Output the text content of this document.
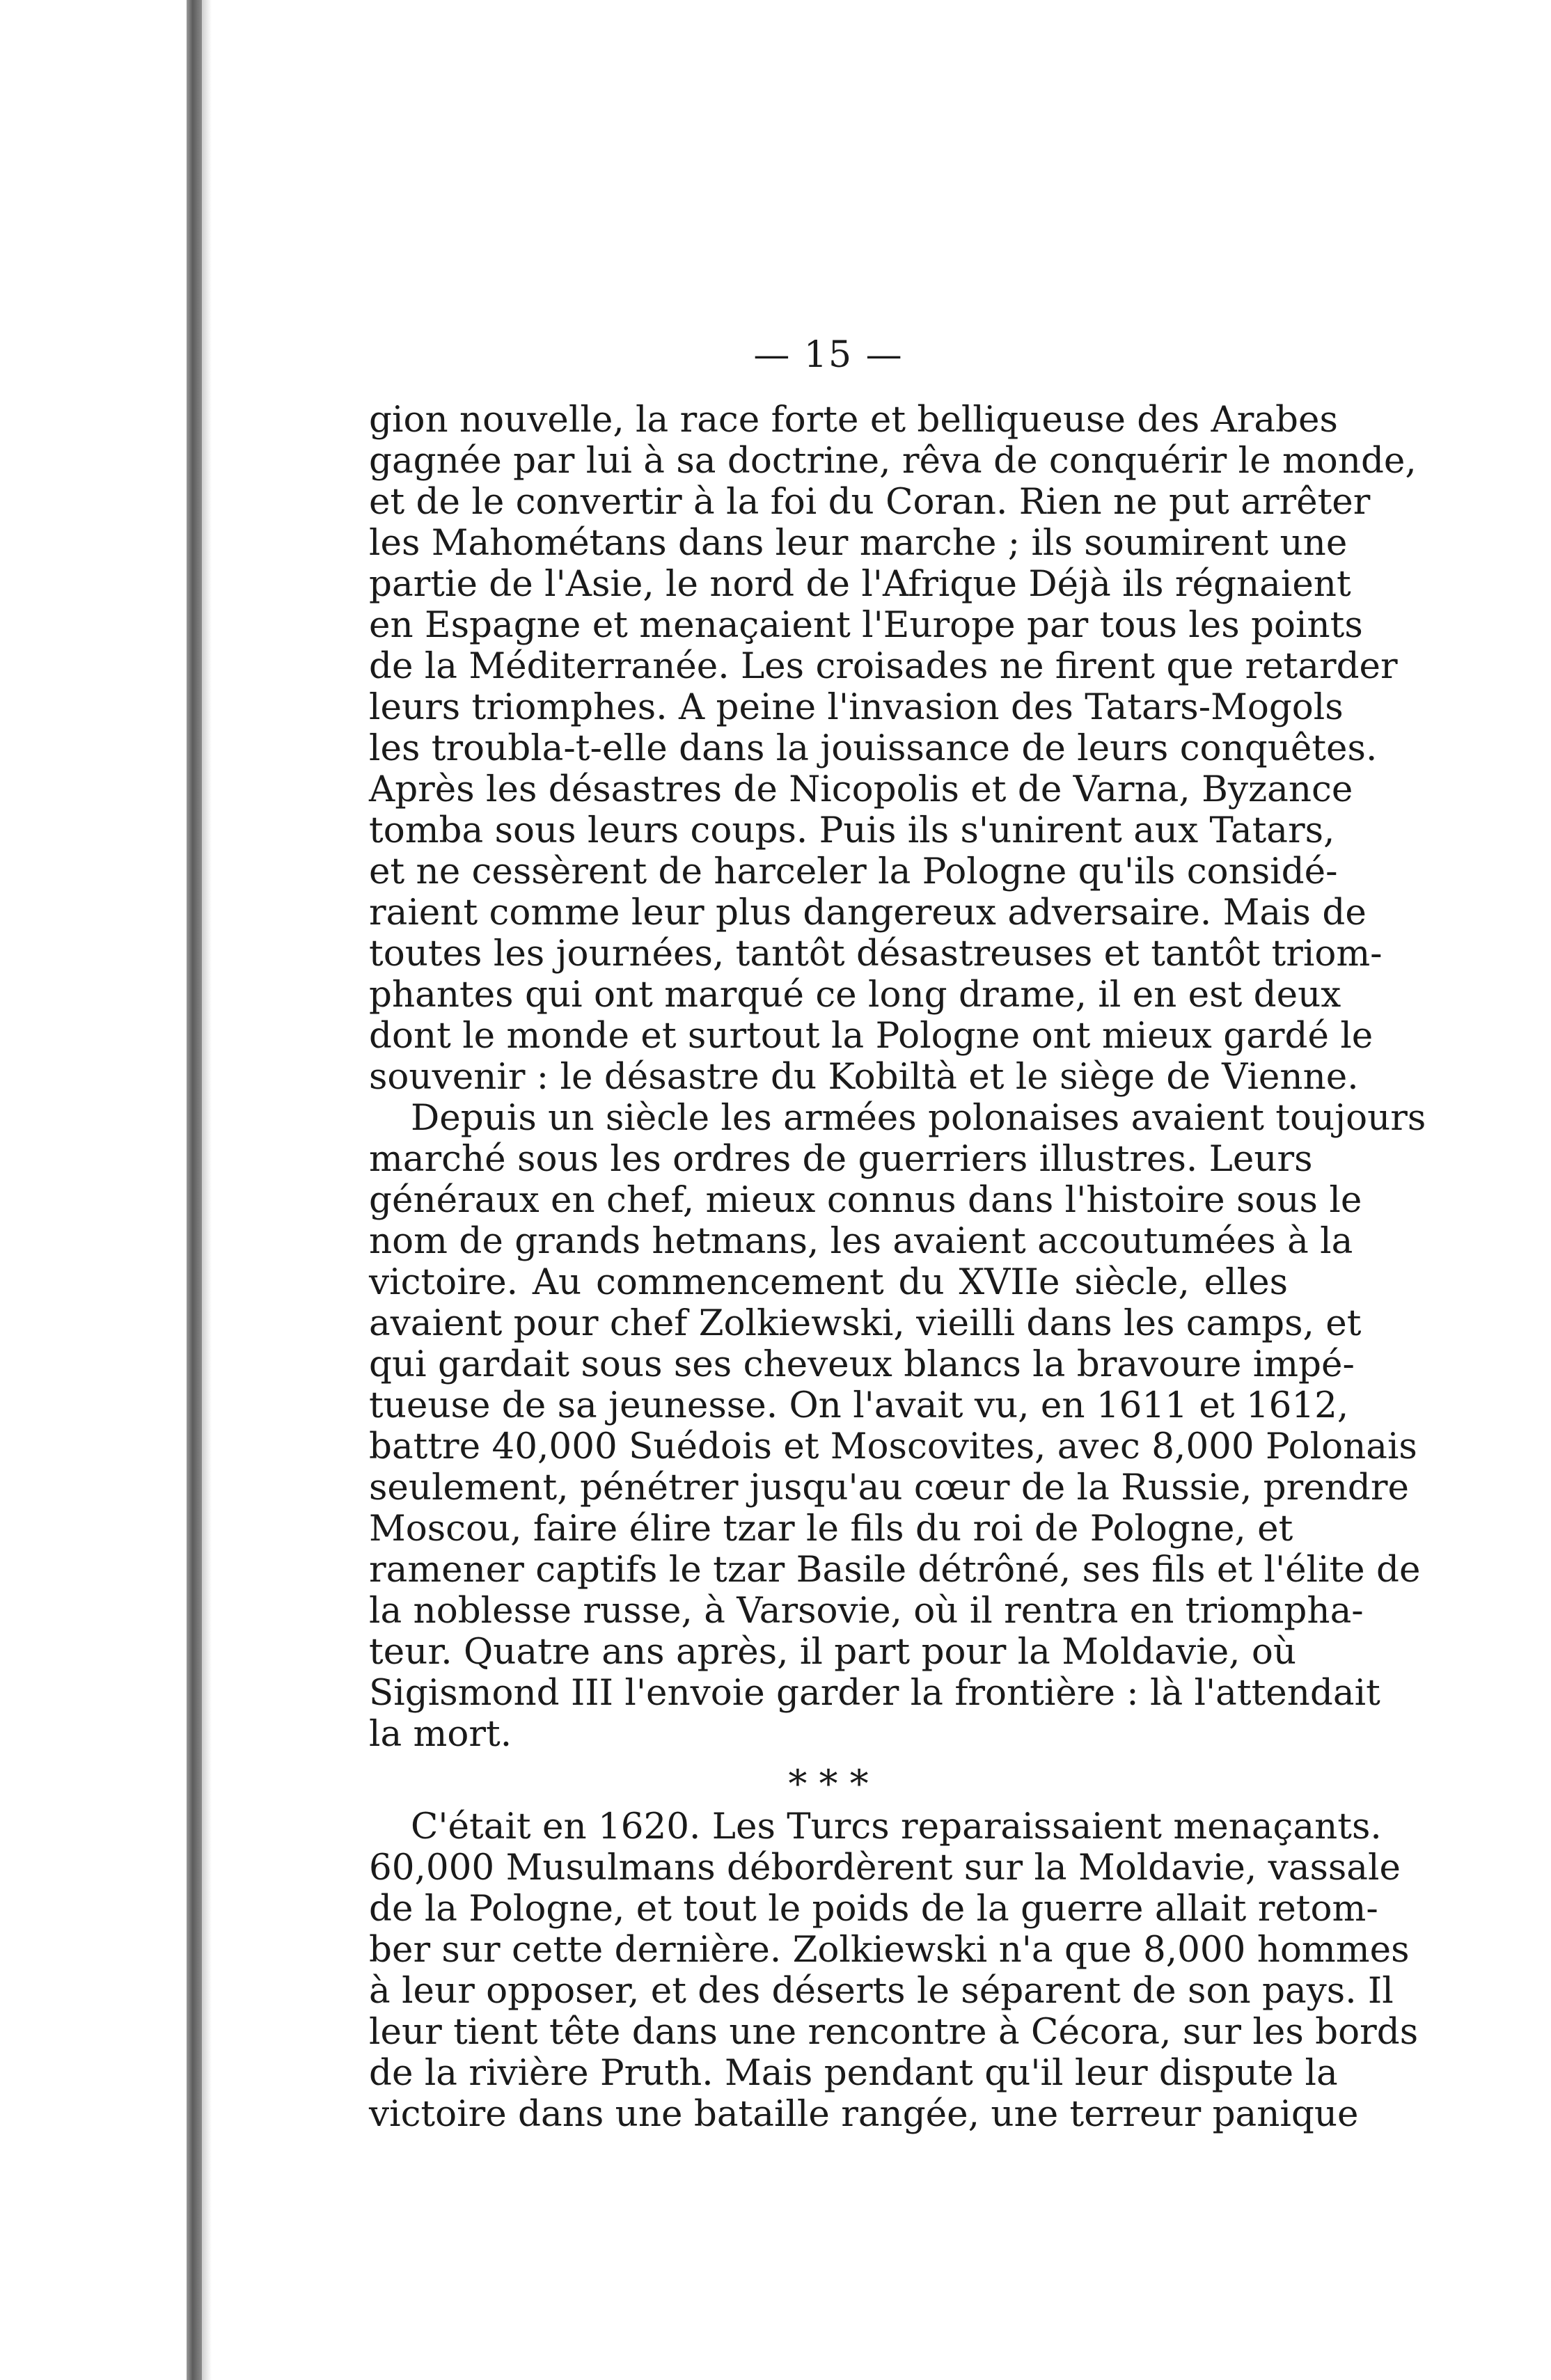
— 15 —
gion nouvelle, la race forte et belliqueuse des Arabes
gagnée par lui à sa doctrine, rêva de conquérir le monde,
et de le convertir à la foi du Coran. Rien ne put arrêter
les Mahométans dans leur marche ; ils soumirent une
partie de l'Asie, le nord de l'Afrique Déjà ils régnaient
en Espagne et menaçaient l'Europe par tous les points
de la Méditerranée. Les croisades ne firent que retarder
leurs triomphes. A peine l'invasion des Tatars-Mogols
les troubla-t-elle dans la jouissance de leurs conquêtes.
Après les désastres de Nicopolis et de Varna, Byzance
tomba sous leurs coups. Puis ils s'unirent aux Tatars,
et ne cessèrent de harceler la Pologne qu'ils considé-
raient comme leur plus dangereux adversaire. Mais de
toutes les journées, tantôt désastreuses et tantôt triom-
phantes qui ont marqué ce long drame, il en est deux
dont le monde et surtout la Pologne ont mieux gardé le
souvenir : le désastre du Kobiltà et le siège de Vienne.
Depuis un siècle les armées polonaises avaient toujours
marché sous les ordres de guerriers illustres. Leurs
généraux en chef, mieux connus dans l'histoire sous le
nom de grands hetmans, les avaient accoutumées à la
victoire. Au commencement du XVIIe siècle, elles
avaient pour chef Zolkiewski, vieilli dans les camps, et
qui gardait sous ses cheveux blancs la bravoure impé-
tueuse de sa jeunesse. On l'avait vu, en 1611 et 1612,
battre 40,000 Suédois et Moscovites, avec 8,000 Polonais
seulement, pénétrer jusqu'au cœur de la Russie, prendre
Moscou, faire élire tzar le fils du roi de Pologne, et
ramener captifs le tzar Basile détrôné, ses fils et l'élite de
la noblesse russe, à Varsovie, où il rentra en triompha-
teur. Quatre ans après, il part pour la Moldavie, où
Sigismond III l'envoie garder la frontière : là l'attendait
la mort.
* * *
C'était en 1620. Les Turcs reparaissaient menaçants.
60,000 Musulmans débordèrent sur la Moldavie, vassale
de la Pologne, et tout le poids de la guerre allait retom-
ber sur cette dernière. Zolkiewski n'a que 8,000 hommes
à leur opposer, et des déserts le séparent de son pays. Il
leur tient tête dans une rencontre à Cécora, sur les bords
de la rivière Pruth. Mais pendant qu'il leur dispute la
victoire dans une bataille rangée, une terreur panique
